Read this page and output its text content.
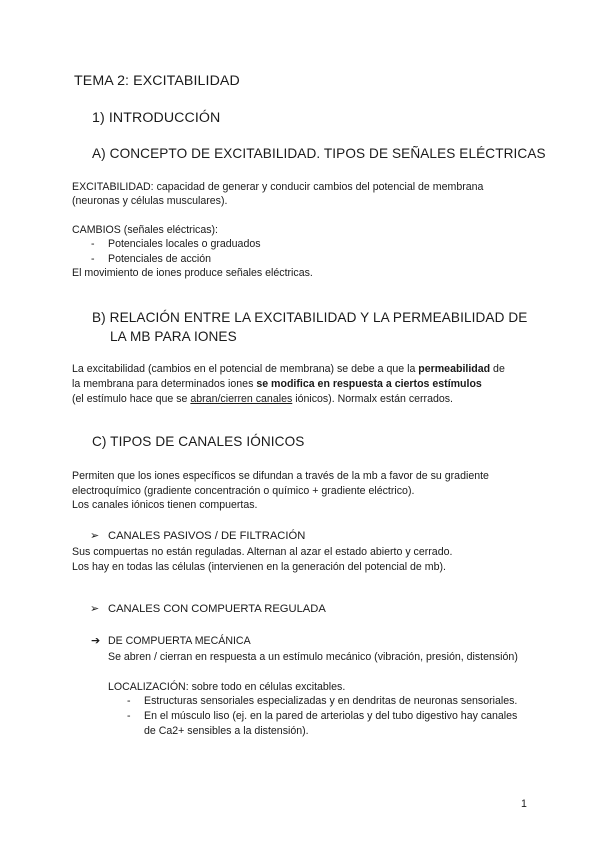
TEMA 2: EXCITABILIDAD
1) INTRODUCCIÓN
A) CONCEPTO DE EXCITABILIDAD. TIPOS DE SEÑALES ELÉCTRICAS
EXCITABILIDAD: capacidad de generar y conducir cambios del potencial de membrana
(neuronas y células musculares).
CAMBIOS (señales eléctricas):
- Potenciales locales o graduados
- Potenciales de acción
El movimiento de iones produce señales eléctricas.
B) RELACIÓN ENTRE LA EXCITABILIDAD Y LA PERMEABILIDAD DE
LA MB PARA IONES
La excitabilidad (cambios en el potencial de membrana) se debe a que la permeabilidad de
la membrana para determinados iones se modifica en respuesta a ciertos estímulos
(el estímulo hace que se abran/cierren canales iónicos). Normalx están cerrados.
C) TIPOS DE CANALES IÓNICOS
Permiten que los iones específicos se difundan a través de la mb a favor de su gradiente
electroquímico (gradiente concentración o químico + gradiente eléctrico).
Los canales iónicos tienen compuertas.
➢ CANALES PASIVOS / DE FILTRACIÓN
Sus compuertas no están reguladas. Alternan al azar el estado abierto y cerrado.
Los hay en todas las células (intervienen en la generación del potencial de mb).
➢ CANALES CON COMPUERTA REGULADA
➔ DE COMPUERTA MECÁNICA
Se abren / cierran en respuesta a un estímulo mecánico (vibración, presión, distensión)
LOCALIZACIÓN: sobre todo en células excitables.
- Estructuras sensoriales especializadas y en dendritas de neuronas sensoriales.
- En el músculo liso (ej. en la pared de arteriolas y del tubo digestivo hay canales
de Ca2+ sensibles a la distensión).
1
